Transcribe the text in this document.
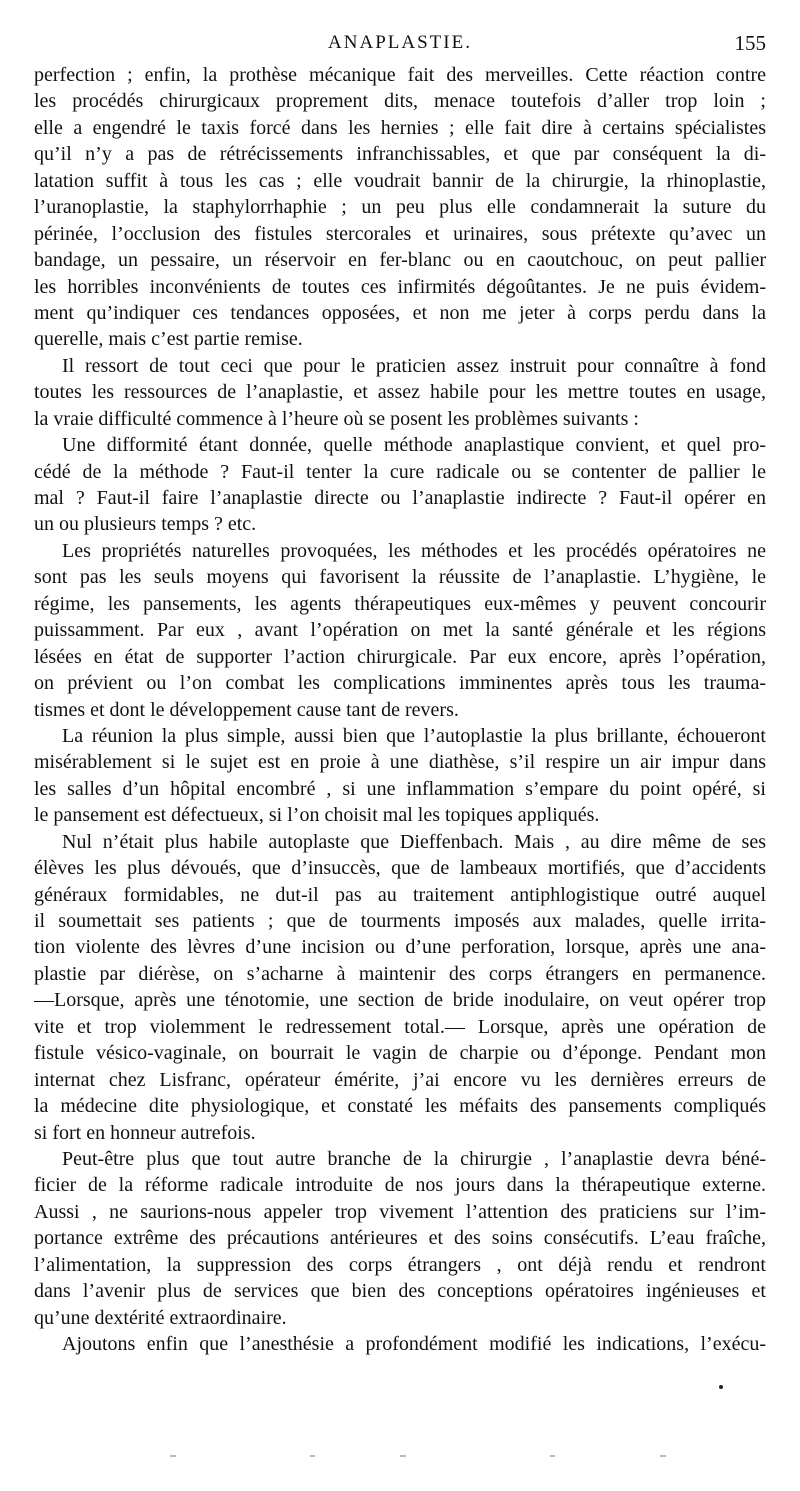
ANAPLASTIE.	155
perfection ; enfin, la prothèse mécanique fait des merveilles. Cette réaction contre
les procédés chirurgicaux proprement dits, menace toutefois d’aller trop loin ;
elle a engendré le taxis forcé dans les hernies ; elle fait dire à certains spécialistes
qu’il n’y a pas de rétrécissements infranchissables, et que par conséquent la di-
latation suffit à tous les cas ; elle voudrait bannir de la chirurgie, la rhinoplastie,
l’uranoplastie, la staphylorrhaphie ; un peu plus elle condamnerait la suture du
périnée, l’occlusion des fistules stercorales et urinaires, sous prétexte qu’avec un
bandage, un pessaire, un réservoir en fer-blanc ou en caoutchouc, on peut pallier
les horribles inconvénients de toutes ces infirmités dégoûtantes. Je ne puis évidem-
ment qu’indiquer ces tendances opposées, et non me jeter à corps perdu dans la
querelle, mais c’est partie remise.
Il ressort de tout ceci que pour le praticien assez instruit pour connaître à fond
toutes les ressources de l’anaplastie, et assez habile pour les mettre toutes en usage,
la vraie difficulté commence à l’heure où se posent les problèmes suivants :
Une difformité étant donnée, quelle méthode anaplastique convient, et quel pro-
cédé de la méthode ? Faut-il tenter la cure radicale ou se contenter de pallier le
mal ? Faut-il faire l’anaplastie directe ou l’anaplastie indirecte ? Faut-il opérer en
un ou plusieurs temps ? etc.
Les propriétés naturelles provoquées, les méthodes et les procédés opératoires ne
sont pas les seuls moyens qui favorisent la réussite de l’anaplastie. L’hygiène, le
régime, les pansements, les agents thérapeutiques eux-mêmes y peuvent concourir
puissamment. Par eux , avant l’opération on met la santé générale et les régions
lésées en état de supporter l’action chirurgicale. Par eux encore, après l’opération,
on prévient ou l’on combat les complications imminentes après tous les trauma-
tismes et dont le développement cause tant de revers.
La réunion la plus simple, aussi bien que l’autoplastie la plus brillante, échoueront
misérablement si le sujet est en proie à une diathèse, s’il respire un air impur dans
les salles d’un hôpital encombré , si une inflammation s’empare du point opéré, si
le pansement est défectueux, si l’on choisit mal les topiques appliqués.
Nul n’était plus habile autoplaste que Dieffenbach. Mais , au dire même de ses
élèves les plus dévoués, que d’insuccès, que de lambeaux mortifiés, que d’accidents
généraux formidables, ne dut-il pas au traitement antiphlogistique outré auquel
il soumettait ses patients ; que de tourments imposés aux malades, quelle irrita-
tion violente des lèvres d’une incision ou d’une perforation, lorsque, après une ana-
plastie par diérèse, on s’acharne à maintenir des corps étrangers en permanence.
—Lorsque, après une ténotomie, une section de bride inodulaire, on veut opérer trop
vite et trop violemment le redressement total.— Lorsque, après une opération de
fistule vésico-vaginale, on bourrait le vagin de charpie ou d’éponge. Pendant mon
internat chez Lisfranc, opérateur émérite, j’ai encore vu les dernières erreurs de
la médecine dite physiologique, et constaté les méfaits des pansements compliqués
si fort en honneur autrefois.
Peut-être plus que tout autre branche de la chirurgie , l’anaplastie devra béné-
ficier de la réforme radicale introduite de nos jours dans la thérapeutique externe.
Aussi , ne saurions-nous appeler trop vivement l’attention des praticiens sur l’im-
portance extrême des précautions antérieures et des soins consécutifs. L’eau fraîche,
l’alimentation, la suppression des corps étrangers , ont déjà rendu et rendront
dans l’avenir plus de services que bien des conceptions opératoires ingénieuses et
qu’une dextérité extraordinaire.
Ajoutons enfin que l’anesthésie a profondément modifié les indications, l’exécu-
